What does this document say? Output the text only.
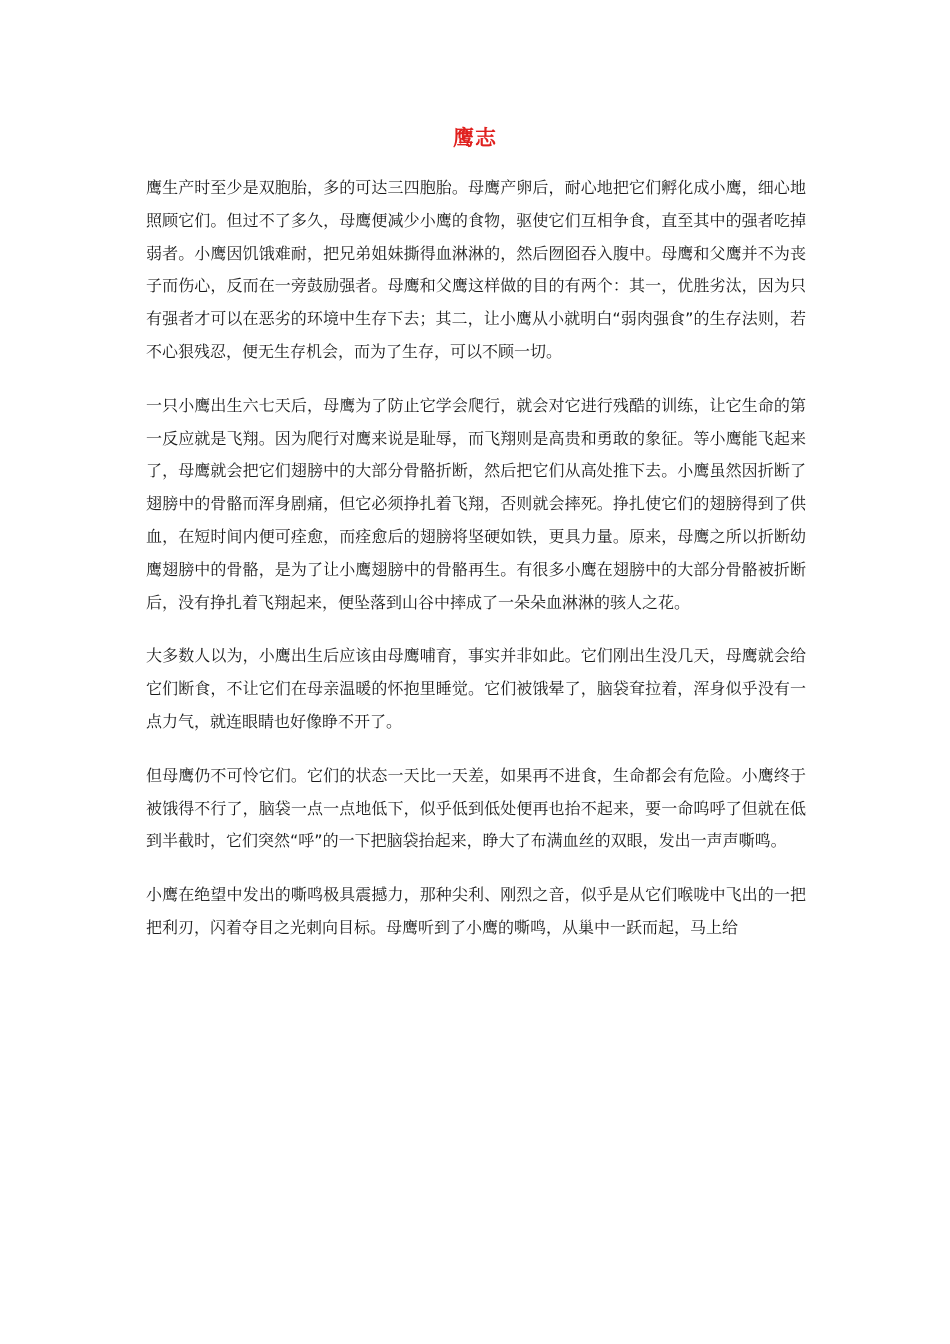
鹰志

鹰生产时至少是双胞胎，多的可达三四胞胎。母鹰产卵后，耐心地把它们孵化成小鹰，细心地照顾它们。但过不了多久，母鹰便减少小鹰的食物，驱使它们互相争食，直至其中的强者吃掉弱者。小鹰因饥饿难耐，把兄弟姐妹撕得血淋淋的，然后囫囵吞入腹中。母鹰和父鹰并不为丧子而伤心，反而在一旁鼓励强者。母鹰和父鹰这样做的目的有两个：其一，优胜劣汰，因为只有强者才可以在恶劣的环境中生存下去；其二，让小鹰从小就明白“弱肉强食”的生存法则，若不心狠残忍，便无生存机会，而为了生存，可以不顾一切。

一只小鹰出生六七天后，母鹰为了防止它学会爬行，就会对它进行残酷的训练，让它生命的第一反应就是飞翔。因为爬行对鹰来说是耻辱，而飞翔则是高贵和勇敢的象征。等小鹰能飞起来了，母鹰就会把它们翅膀中的大部分骨骼折断，然后把它们从高处推下去。小鹰虽然因折断了翅膀中的骨骼而浑身剧痛，但它必须挣扎着飞翔，否则就会摔死。挣扎使它们的翅膀得到了供血，在短时间内便可痊愈，而痊愈后的翅膀将坚硬如铁，更具力量。原来，母鹰之所以折断幼鹰翅膀中的骨骼，是为了让小鹰翅膀中的骨骼再生。有很多小鹰在翅膀中的大部分骨骼被折断后，没有挣扎着飞翔起来，便坠落到山谷中摔成了一朵朵血淋淋的骇人之花。

大多数人以为，小鹰出生后应该由母鹰哺育，事实并非如此。它们刚出生没几天，母鹰就会给它们断食，不让它们在母亲温暖的怀抱里睡觉。它们被饿晕了，脑袋耷拉着，浑身似乎没有一点力气，就连眼睛也好像睁不开了。

但母鹰仍不可怜它们。它们的状态一天比一天差，如果再不进食，生命都会有危险。小鹰终于被饿得不行了，脑袋一点一点地低下，似乎低到低处便再也抬不起来，要一命呜呼了但就在低到半截时，它们突然“呼”的一下把脑袋抬起来，睁大了布满血丝的双眼，发出一声声嘶鸣。

小鹰在绝望中发出的嘶鸣极具震撼力，那种尖利、刚烈之音，似乎是从它们喉咙中飞出的一把把利刃，闪着夺目之光刺向目标。母鹰听到了小鹰的嘶鸣，从巢中一跃而起，马上给
